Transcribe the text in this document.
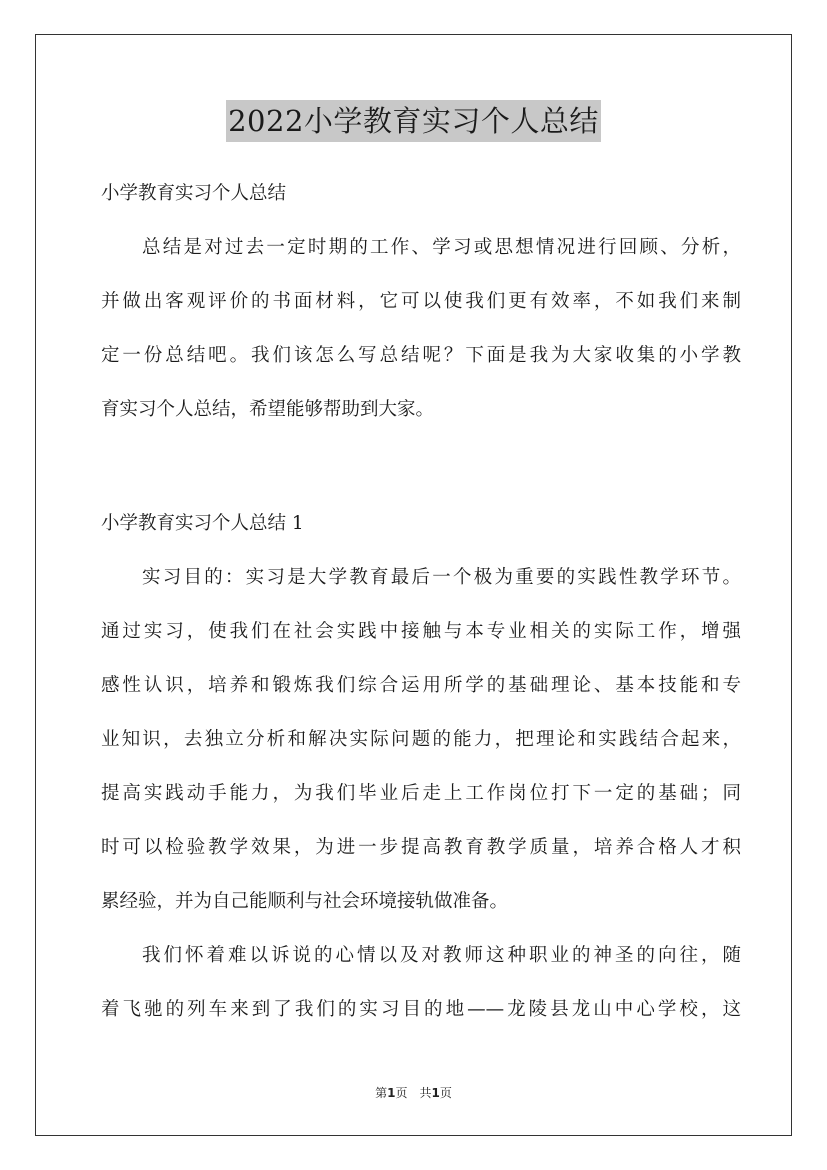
2022小学教育实习个人总结
小学教育实习个人总结
总结是对过去一定时期的工作、学习或思想情况进行回顾、分析，
并做出客观评价的书面材料，它可以使我们更有效率，不如我们来制
定一份总结吧。我们该怎么写总结呢？下面是我为大家收集的小学教
育实习个人总结，希望能够帮助到大家。
小学教育实习个人总结 1
实习目的：实习是大学教育最后一个极为重要的实践性教学环节。
通过实习，使我们在社会实践中接触与本专业相关的实际工作，增强
感性认识，培养和锻炼我们综合运用所学的基础理论、基本技能和专
业知识，去独立分析和解决实际问题的能力，把理论和实践结合起来，
提高实践动手能力，为我们毕业后走上工作岗位打下一定的基础；同
时可以检验教学效果，为进一步提高教育教学质量，培养合格人才积
累经验，并为自己能顺利与社会环境接轨做准备。
我们怀着难以诉说的心情以及对教师这种职业的神圣的向往，随
着飞驰的列车来到了我们的实习目的地——龙陵县龙山中心学校，这
第1页 共1页
